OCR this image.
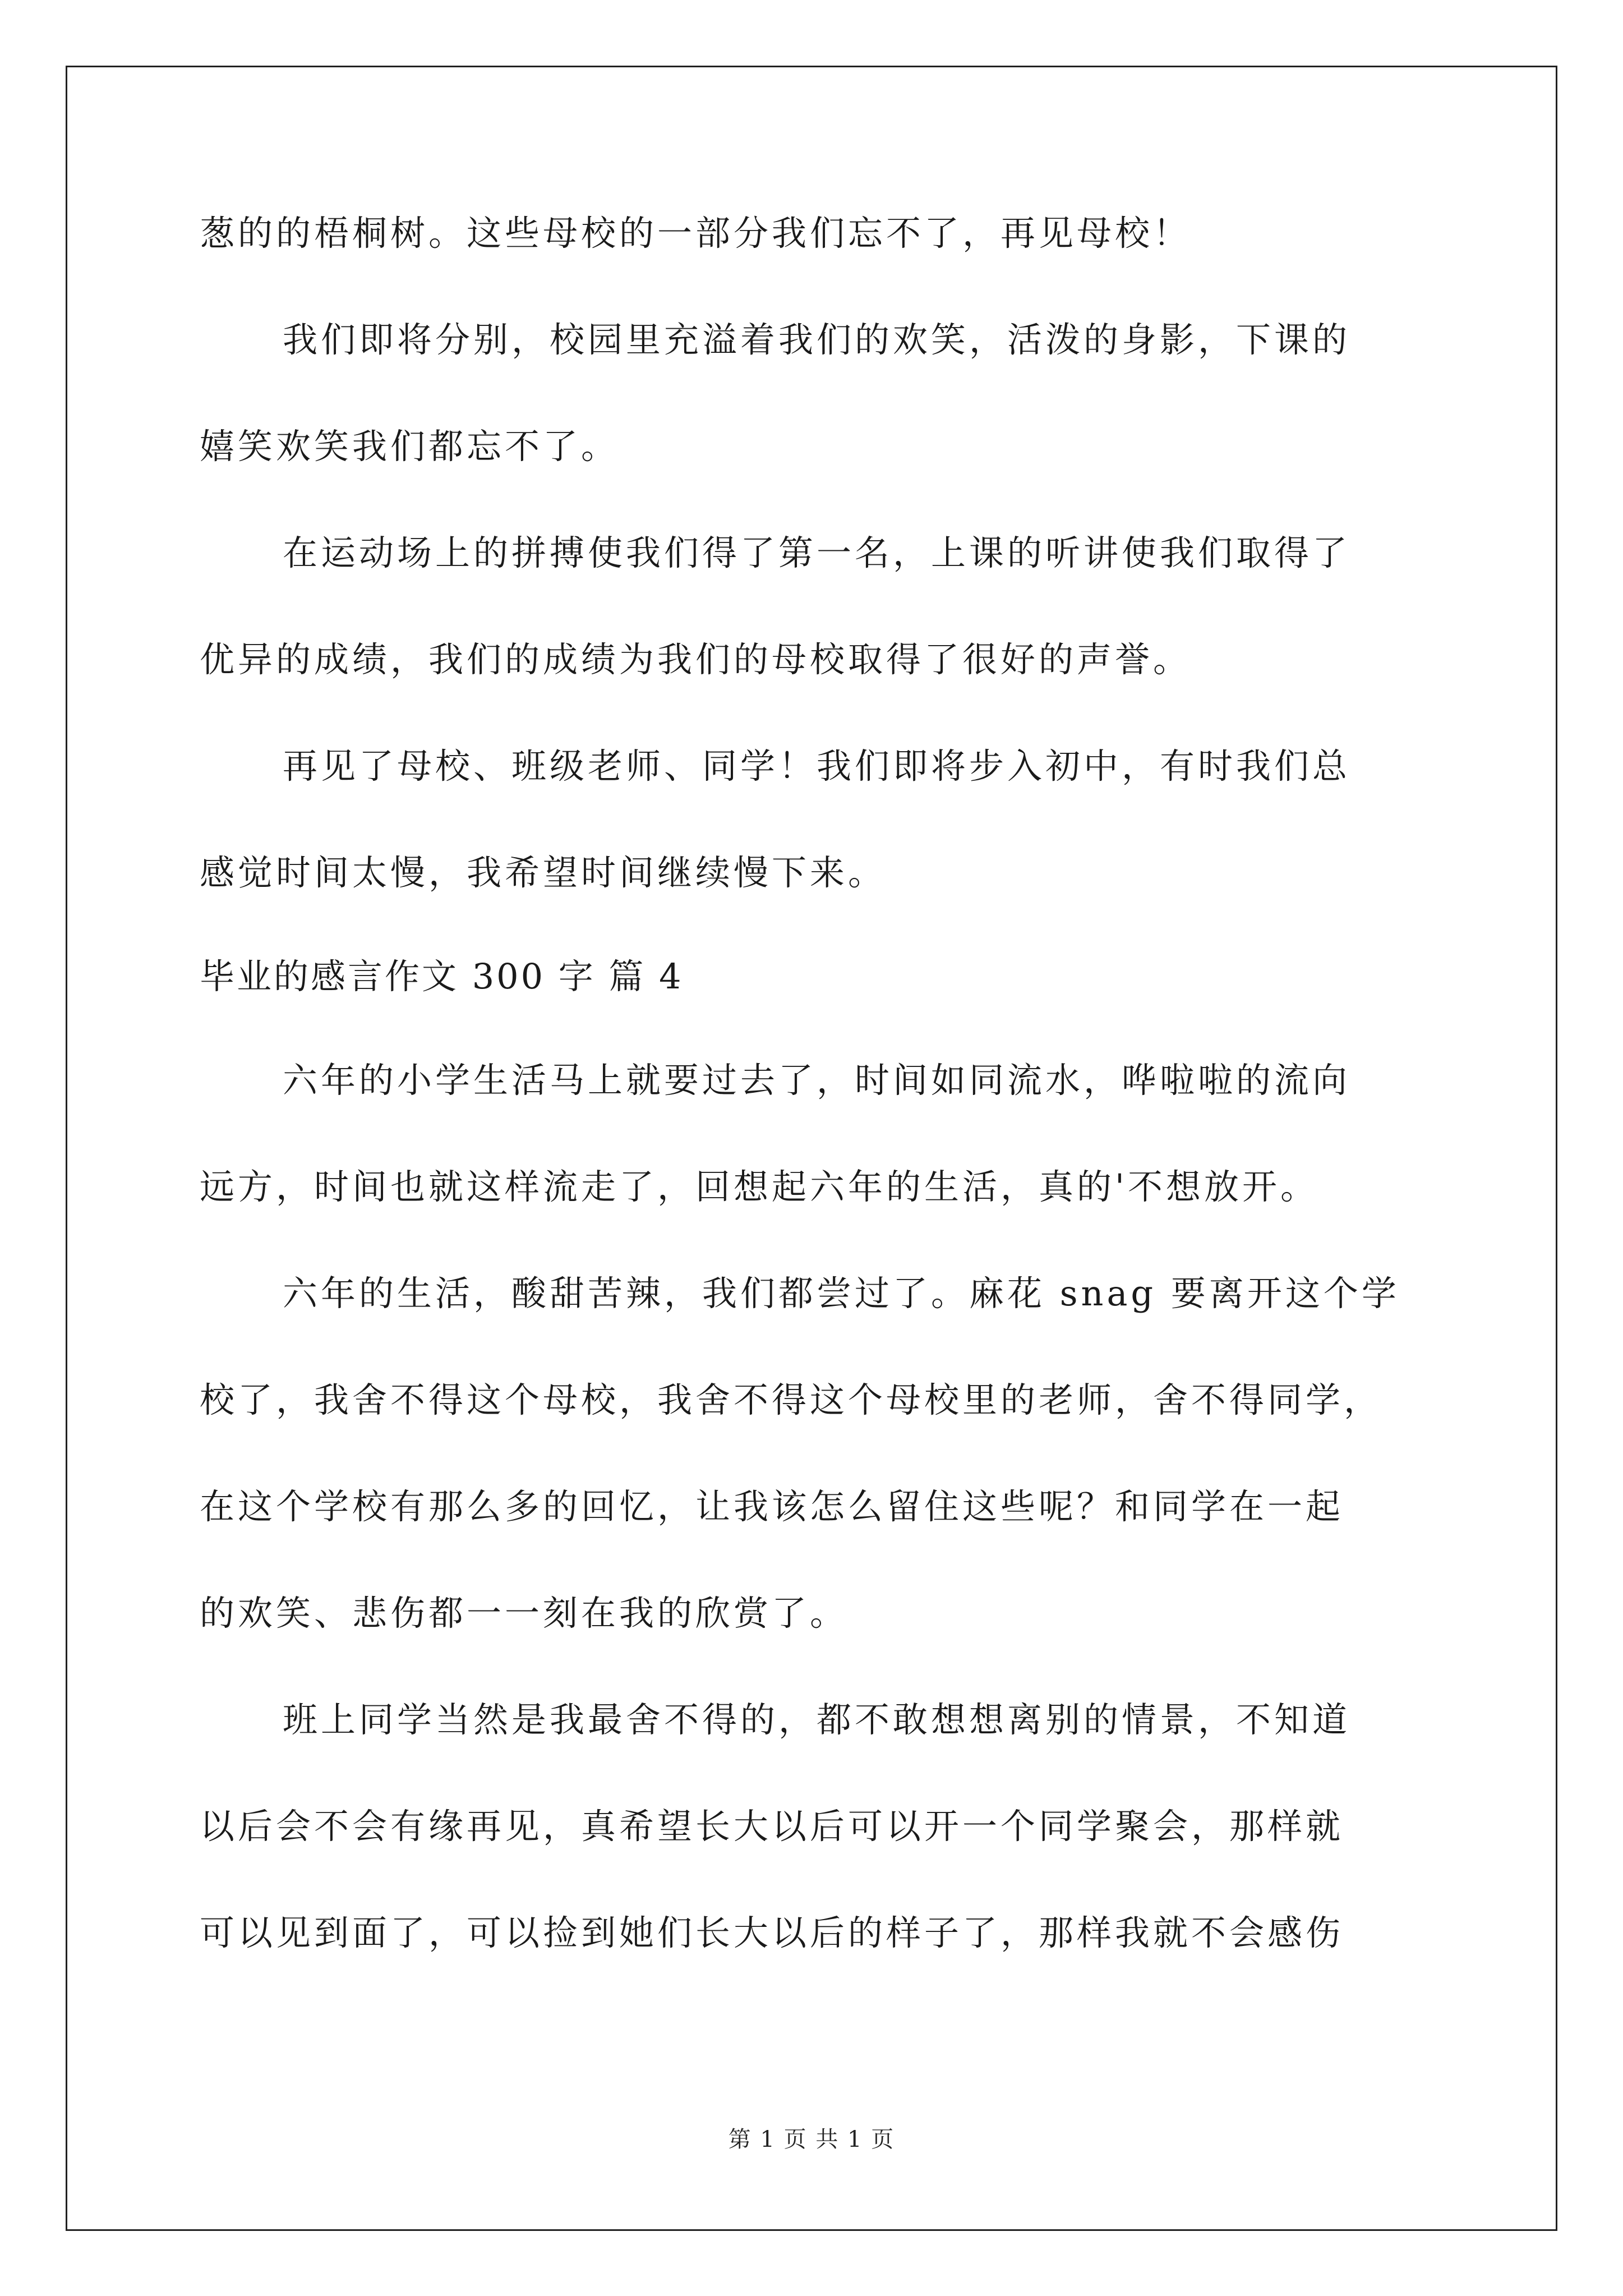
葱的的梧桐树。这些母校的一部分我们忘不了，再见母校！
我们即将分别，校园里充溢着我们的欢笑，活泼的身影，下课的
嬉笑欢笑我们都忘不了。
在运动场上的拼搏使我们得了第一名，上课的听讲使我们取得了
优异的成绩，我们的成绩为我们的母校取得了很好的声誉。
再见了母校、班级老师、同学！我们即将步入初中，有时我们总
感觉时间太慢，我希望时间继续慢下来。
毕业的感言作文 300 字 篇 4
六年的小学生活马上就要过去了，时间如同流水，哗啦啦的流向
远方，时间也就这样流走了，回想起六年的生活，真的'不想放开。
六年的生活，酸甜苦辣，我们都尝过了。麻花 snag 要离开这个学
校了，我舍不得这个母校，我舍不得这个母校里的老师，舍不得同学，
在这个学校有那么多的回忆，让我该怎么留住这些呢？和同学在一起
的欢笑、悲伤都一一刻在我的欣赏了。
班上同学当然是我最舍不得的，都不敢想想离别的情景，不知道
以后会不会有缘再见，真希望长大以后可以开一个同学聚会，那样就
可以见到面了，可以捡到她们长大以后的样子了，那样我就不会感伤
第 1 页 共 1 页
